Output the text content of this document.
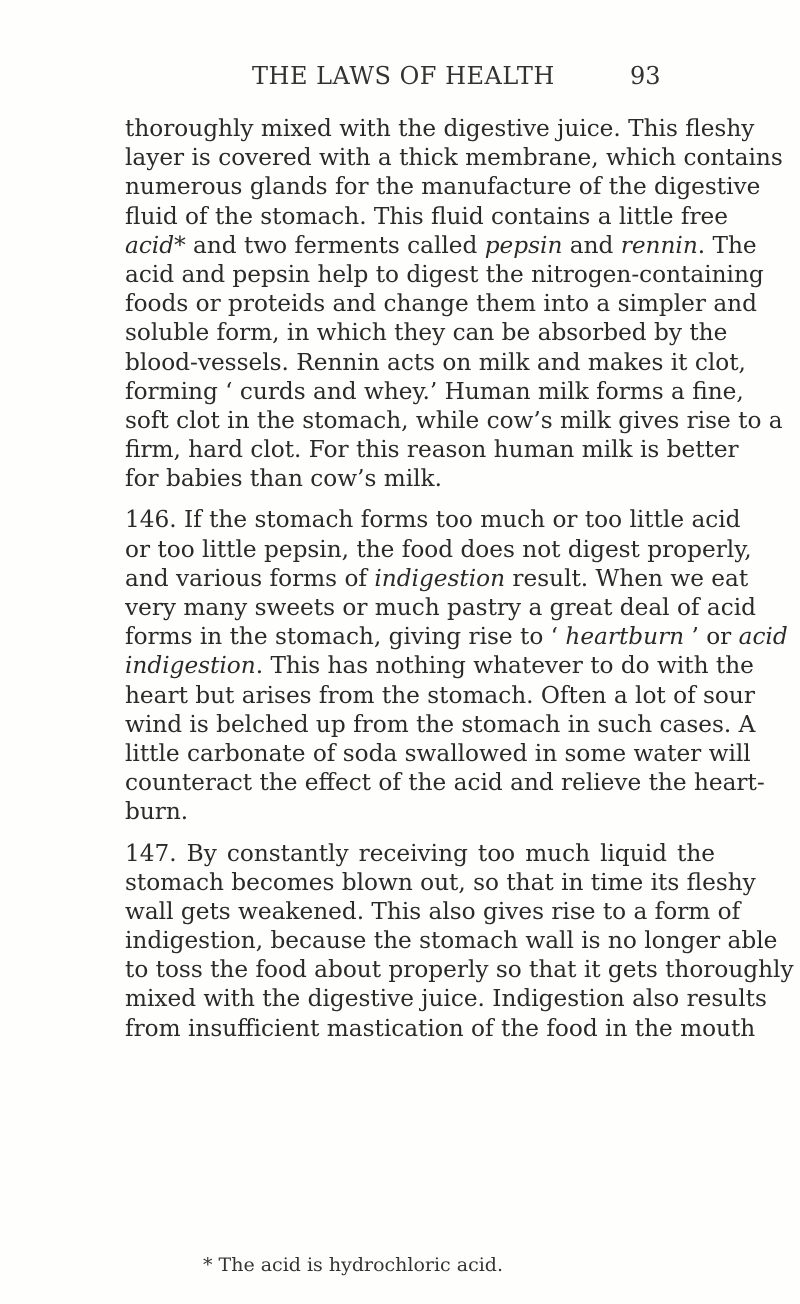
THE LAWS OF HEALTH	93
thoroughly mixed with the digestive juice. This fleshy
layer is covered with a thick membrane, which contains
numerous glands for the manufacture of the digestive
fluid of the stomach. This fluid contains a little free
acid* and two ferments called pepsin and rennin. The
acid and pepsin help to digest the nitrogen-containing
foods or proteids and change them into a simpler and
soluble form, in which they can be absorbed by the
blood-vessels. Rennin acts on milk and makes it clot,
forming ‘ curds and whey.’ Human milk forms a fine,
soft clot in the stomach, while cow’s milk gives rise to a
firm, hard clot. For this reason human milk is better
for babies than cow’s milk.
146. If the stomach forms too much or too little acid
or too little pepsin, the food does not digest properly,
and various forms of indigestion result. When we eat
very many sweets or much pastry a great deal of acid
forms in the stomach, giving rise to ‘ heartburn ’ or acid
indigestion. This has nothing whatever to do with the
heart but arises from the stomach. Often a lot of sour
wind is belched up from the stomach in such cases. A
little carbonate of soda swallowed in some water will
counteract the effect of the acid and relieve the heart-
burn.
147. By constantly receiving too much liquid the
stomach becomes blown out, so that in time its fleshy
wall gets weakened. This also gives rise to a form of
indigestion, because the stomach wall is no longer able
to toss the food about properly so that it gets thoroughly
mixed with the digestive juice. Indigestion also results
from insufficient mastication of the food in the mouth
* The acid is hydrochloric acid.
